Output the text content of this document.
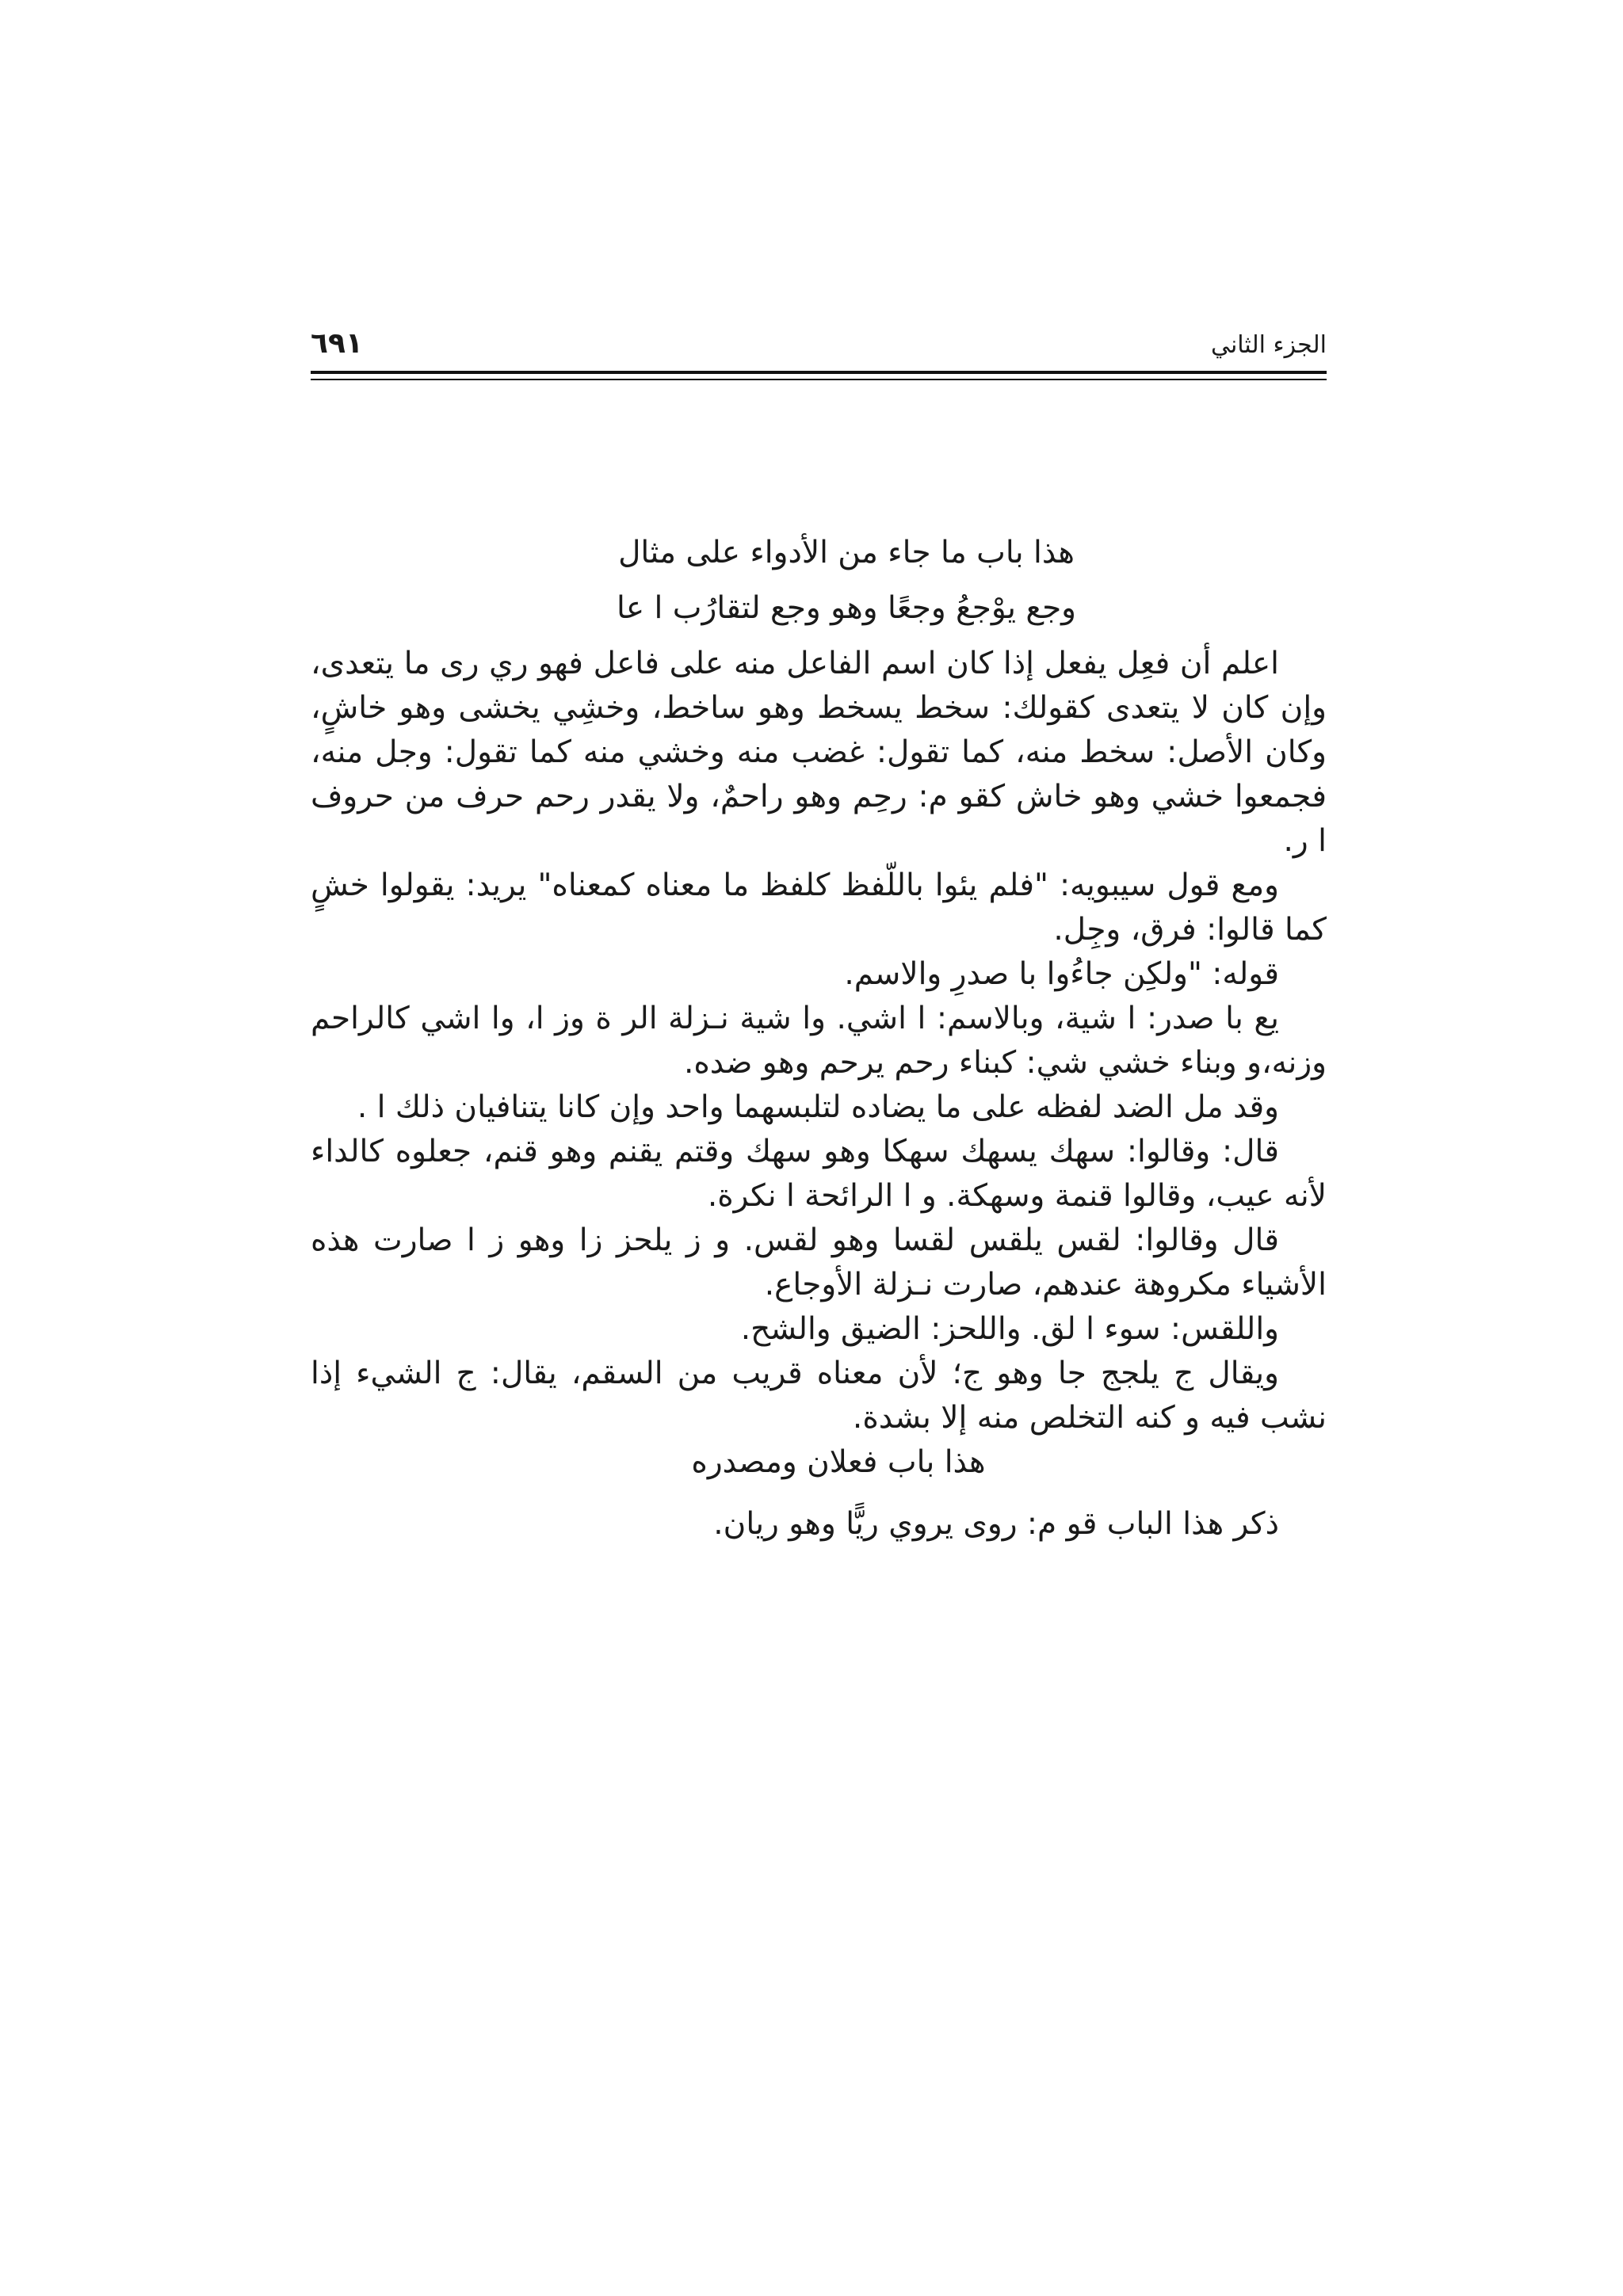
الجزء الثاني
٦٩١

هذا باب ما جاء من الأدواء على مثال

وجع يوْجعُ وجعًا وهو وجع لتقارُب ا عا

اعلم أن فعِل يفعل إذا كان اسم الفاعل منه على فاعل فهو ري رى ما يتعدى، وإن كان لا يتعدى كقولك: سخط يسخط وهو ساخط، وخشِي يخشى وهو خاشٍ، وكان الأصل: سخط منه، كما تقول: غضب منه وخشي منه كما تقول: وجل منه، فجمعوا خشي وهو خاش كقو م: رحِم وهو راحمٌ، ولا يقدر رحم حرف من حروف ا ر.

ومع قول سيبويه: "فلم يئوا باللّفظ كلفظ ما معناه كمعناه" يريد: يقولوا خشٍ كما قالوا: فرق، وجِل.

قوله: "ولكِن جاءُوا با صدرِ والاسم.

يع با صدر: ا شية، وبالاسم: ا اشي. وا شية نـزلة الر ة وز ا، وا اشي كالراحم وزنه،و وبناء خشي شي: كبناء رحم يرحم وهو ضده.

وقد مل الضد لفظه على ما يضاده لتلبسهما واحد وإن كانا يتنافيان ذلك ا .

قال: وقالوا: سهك يسهك سهكا وهو سهك وقتم يقنم وهو قنم، جعلوه كالداء لأنه عيب، وقالوا قنمة وسهكة. و ا الرائحة ا نكرة.

قال وقالوا: لقس يلقس لقسا وهو لقس. و ز يلحز زا وهو ز ا صارت هذه الأشياء مكروهة عندهم، صارت نـزلة الأوجاع.

واللقس: سوء ا لق. واللحز: الضيق والشح.

ويقال ج يلجج جا وهو ج؛ لأن معناه قريب من السقم، يقال: ج الشيء إذا نشب فيه و كنه التخلص منه إلا بشدة.

هذا باب فعلان ومصدره

ذكر هذا الباب قو م: روى يروي ريًّا وهو ريان.
